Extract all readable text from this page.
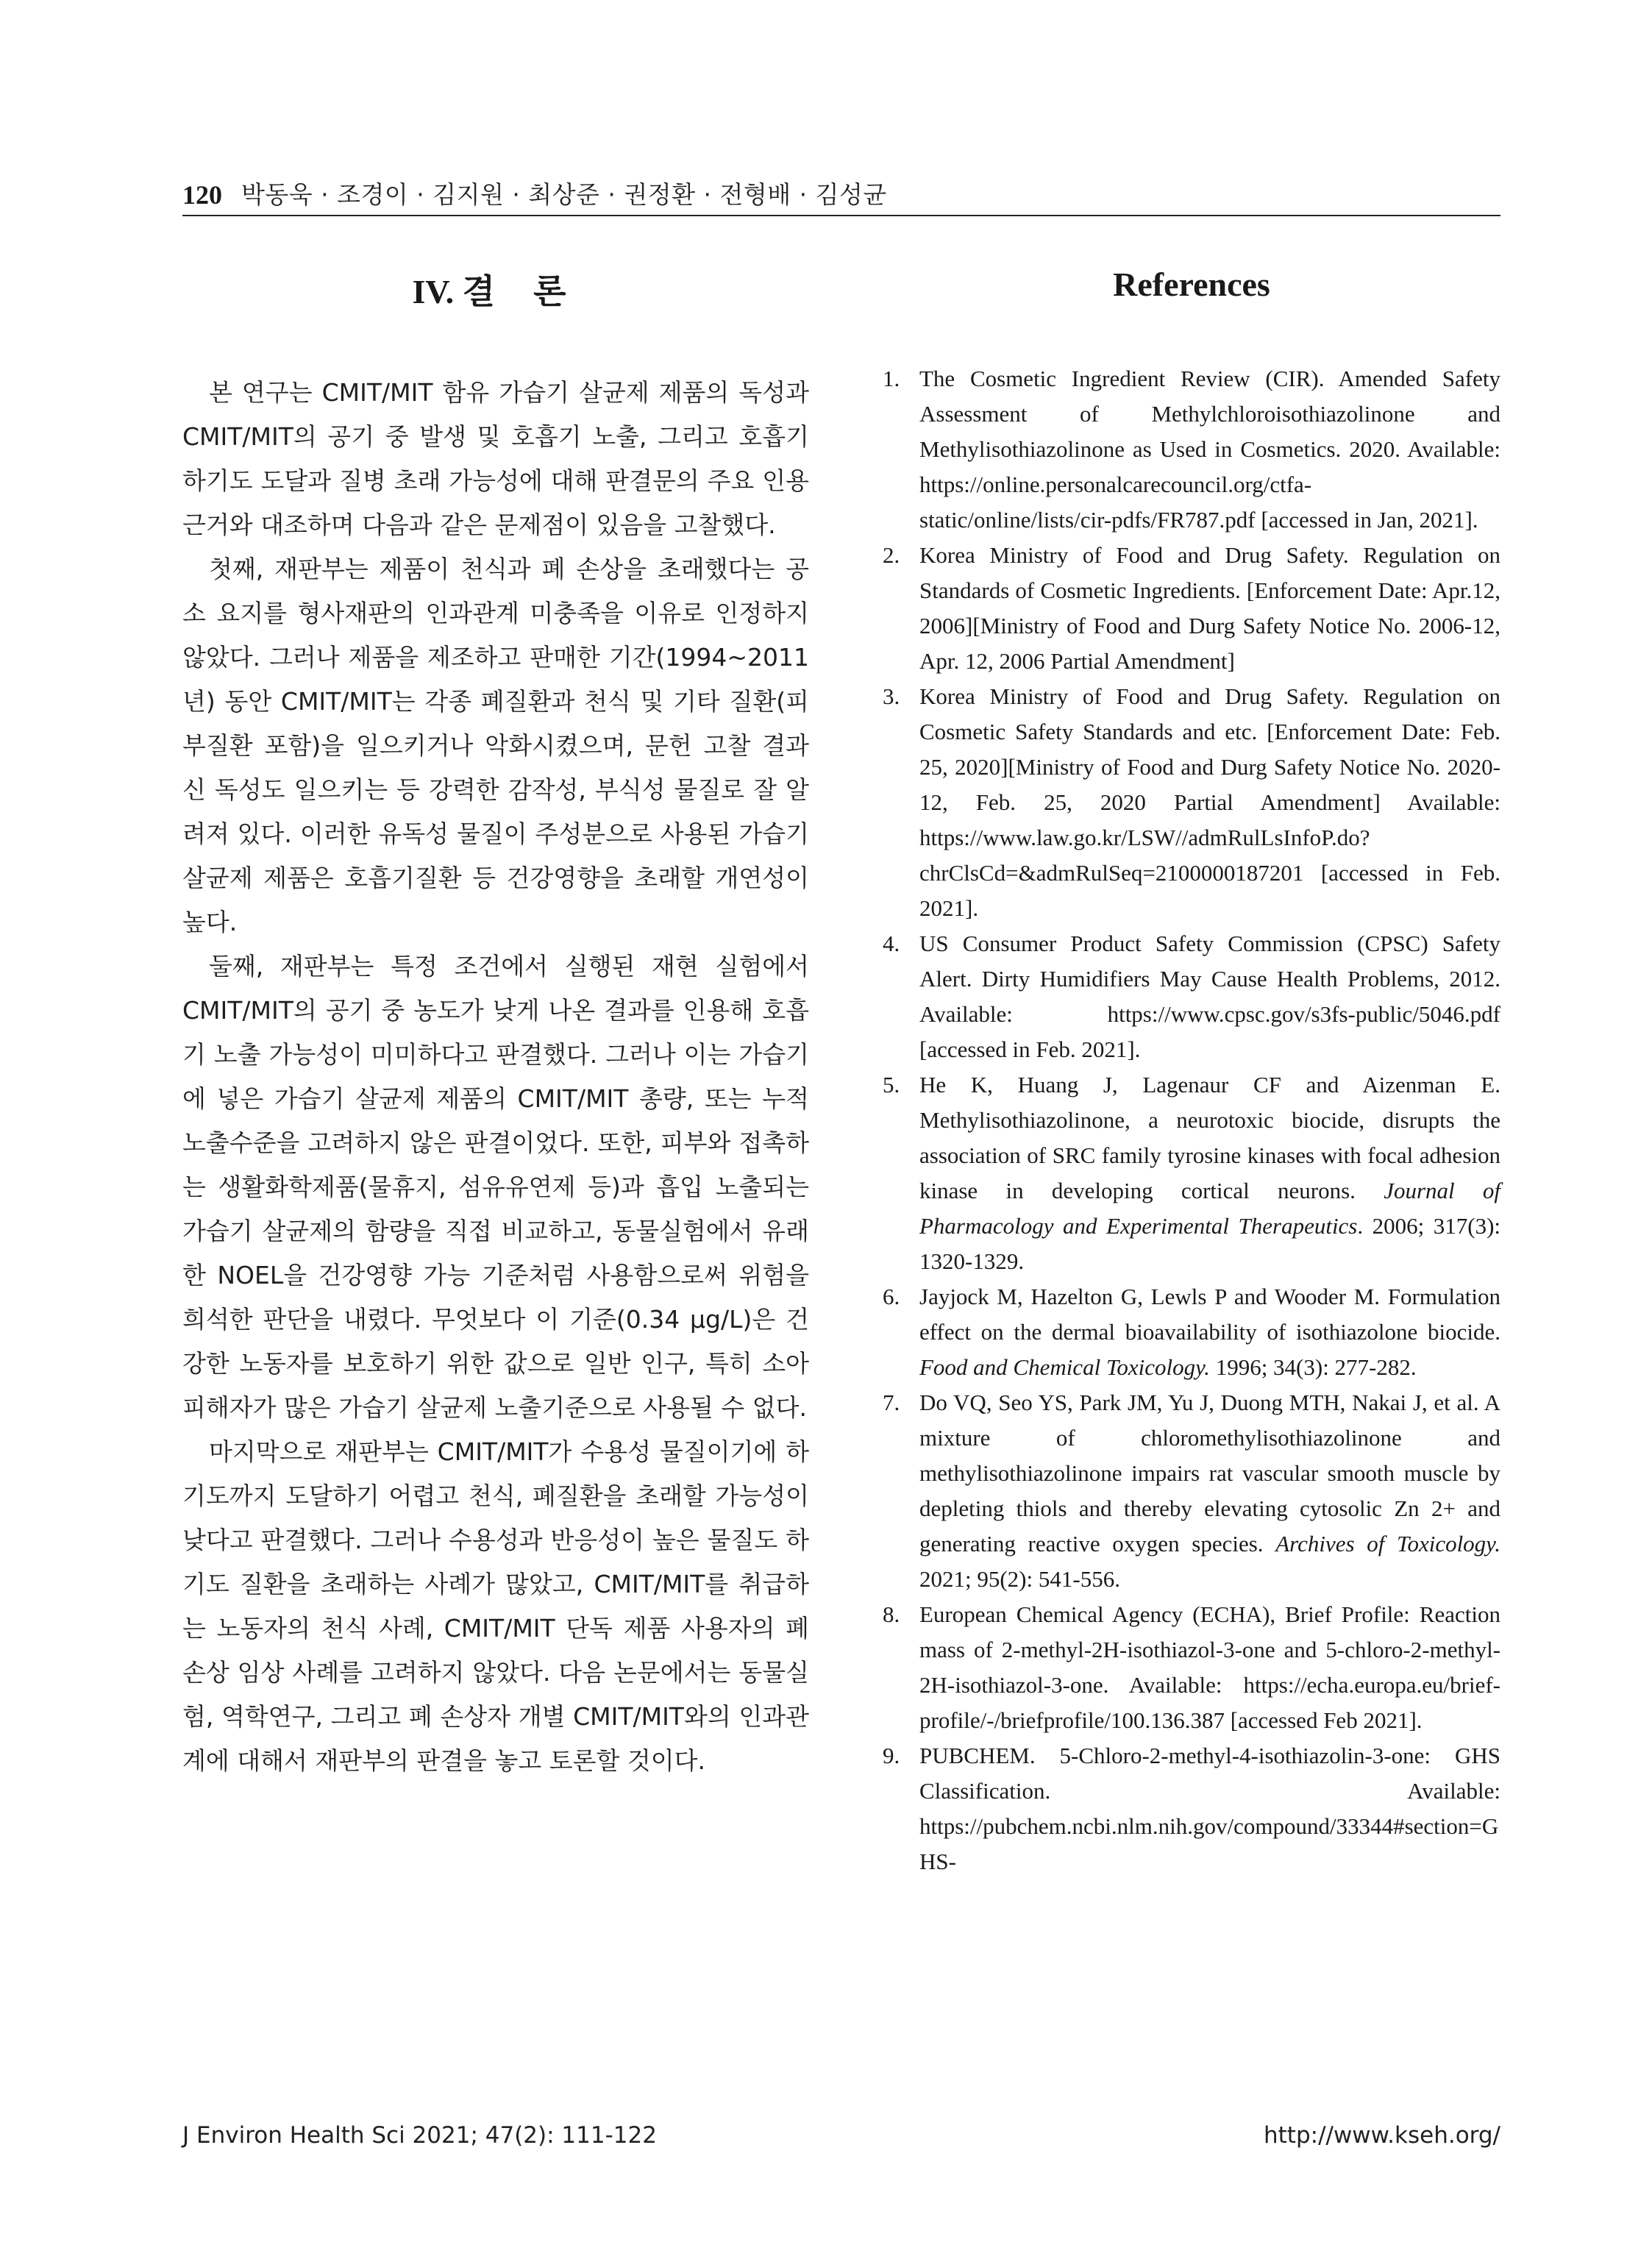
120 박동욱 · 조경이 · 김지원 · 최상준 · 권정환 · 전형배 · 김성균
IV. 결 론

본 연구는 CMIT/MIT 함유 가습기 살균제 제품의 독성과 CMIT/MIT의 공기 중 발생 및 호흡기 노출, 그리고 호흡기 하기도 도달과 질병 초래 가능성에 대해 판결문의 주요 인용 근거와 대조하며 다음과 같은 문제점이 있음을 고찰했다.

첫째, 재판부는 제품이 천식과 폐 손상을 초래했다는 공소 요지를 형사재판의 인과관계 미충족을 이유로 인정하지 않았다. 그러나 제품을 제조하고 판매한 기간(1994~2011년) 동안 CMIT/MIT는 각종 폐질환과 천식 및 기타 질환(피부질환 포함)을 일으키거나 악화시켰으며, 문헌 고찰 결과 신 독성도 일으키는 등 강력한 감작성, 부식성 물질로 잘 알려져 있다. 이러한 유독성 물질이 주성분으로 사용된 가습기 살균제 제품은 호흡기질환 등 건강영향을 초래할 개연성이 높다.

둘째, 재판부는 특정 조건에서 실행된 재현 실험에서 CMIT/MIT의 공기 중 농도가 낮게 나온 결과를 인용해 호흡기 노출 가능성이 미미하다고 판결했다. 그러나 이는 가습기에 넣은 가습기 살균제 제품의 CMIT/MIT 총량, 또는 누적 노출수준을 고려하지 않은 판결이었다. 또한, 피부와 접촉하는 생활화학제품(물휴지, 섬유유연제 등)과 흡입 노출되는 가습기 살균제의 함량을 직접 비교하고, 동물실험에서 유래한 NOEL을 건강영향 가능 기준처럼 사용함으로써 위험을 희석한 판단을 내렸다. 무엇보다 이 기준(0.34 μg/L)은 건강한 노동자를 보호하기 위한 값으로 일반 인구, 특히 소아 피해자가 많은 가습기 살균제 노출기준으로 사용될 수 없다.

마지막으로 재판부는 CMIT/MIT가 수용성 물질이기에 하기도까지 도달하기 어렵고 천식, 폐질환을 초래할 가능성이 낮다고 판결했다. 그러나 수용성과 반응성이 높은 물질도 하기도 질환을 초래하는 사례가 많았고, CMIT/MIT를 취급하는 노동자의 천식 사례, CMIT/MIT 단독 제품 사용자의 폐 손상 임상 사례를 고려하지 않았다. 다음 논문에서는 동물실험, 역학연구, 그리고 폐 손상자 개별 CMIT/MIT와의 인과관계에 대해서 재판부의 판결을 놓고 토론할 것이다.

References
1. The Cosmetic Ingredient Review (CIR). Amended Safety Assessment of Methylchloroisothiazolinone and Methylisothiazolinone as Used in Cosmetics. 2020. Available: https://online.personalcarecouncil.org/ctfa-static/online/lists/cir-pdfs/FR787.pdf [accessed in Jan, 2021].
2. Korea Ministry of Food and Drug Safety. Regulation on Standards of Cosmetic Ingredients. [Enforcement Date: Apr.12, 2006][Ministry of Food and Durg Safety Notice No. 2006-12, Apr. 12, 2006 Partial Amendment]
3. Korea Ministry of Food and Drug Safety. Regulation on Cosmetic Safety Standards and etc. [Enforcement Date: Feb. 25, 2020][Ministry of Food and Durg Safety Notice No. 2020-12, Feb. 25, 2020 Partial Amendment] Available: https://www.law.go.kr/LSW//admRulLsInfoP.do?chrClsCd=&admRulSeq=2100000187201 [accessed in Feb. 2021].
4. US Consumer Product Safety Commission (CPSC) Safety Alert. Dirty Humidifiers May Cause Health Problems, 2012. Available: https://www.cpsc.gov/s3fs-public/5046.pdf [accessed in Feb. 2021].
5. He K, Huang J, Lagenaur CF and Aizenman E. Methylisothiazolinone, a neurotoxic biocide, disrupts the association of SRC family tyrosine kinases with focal adhesion kinase in developing cortical neurons. Journal of Pharmacology and Experimental Therapeutics. 2006; 317(3): 1320-1329.
6. Jayjock M, Hazelton G, Lewls P and Wooder M. Formulation effect on the dermal bioavailability of isothiazolone biocide. Food and Chemical Toxicology. 1996; 34(3): 277-282.
7. Do VQ, Seo YS, Park JM, Yu J, Duong MTH, Nakai J, et al. A mixture of chloromethylisothiazolinone and methylisothiazolinone impairs rat vascular smooth muscle by depleting thiols and thereby elevating cytosolic Zn 2+ and generating reactive oxygen species. Archives of Toxicology. 2021; 95(2): 541-556.
8. European Chemical Agency (ECHA), Brief Profile: Reaction mass of 2-methyl-2H-isothiazol-3-one and 5-chloro-2-methyl-2H-isothiazol-3-one. Available: https://echa.europa.eu/brief-profile/-/briefprofile/100.136.387 [accessed Feb 2021].
9. PUBCHEM. 5-Chloro-2-methyl-4-isothiazolin-3-one: GHS Classification. Available: https://pubchem.ncbi.nlm.nih.gov/compound/33344#section=GHS-
J Environ Health Sci 2021; 47(2): 111-122	http://www.kseh.org/
